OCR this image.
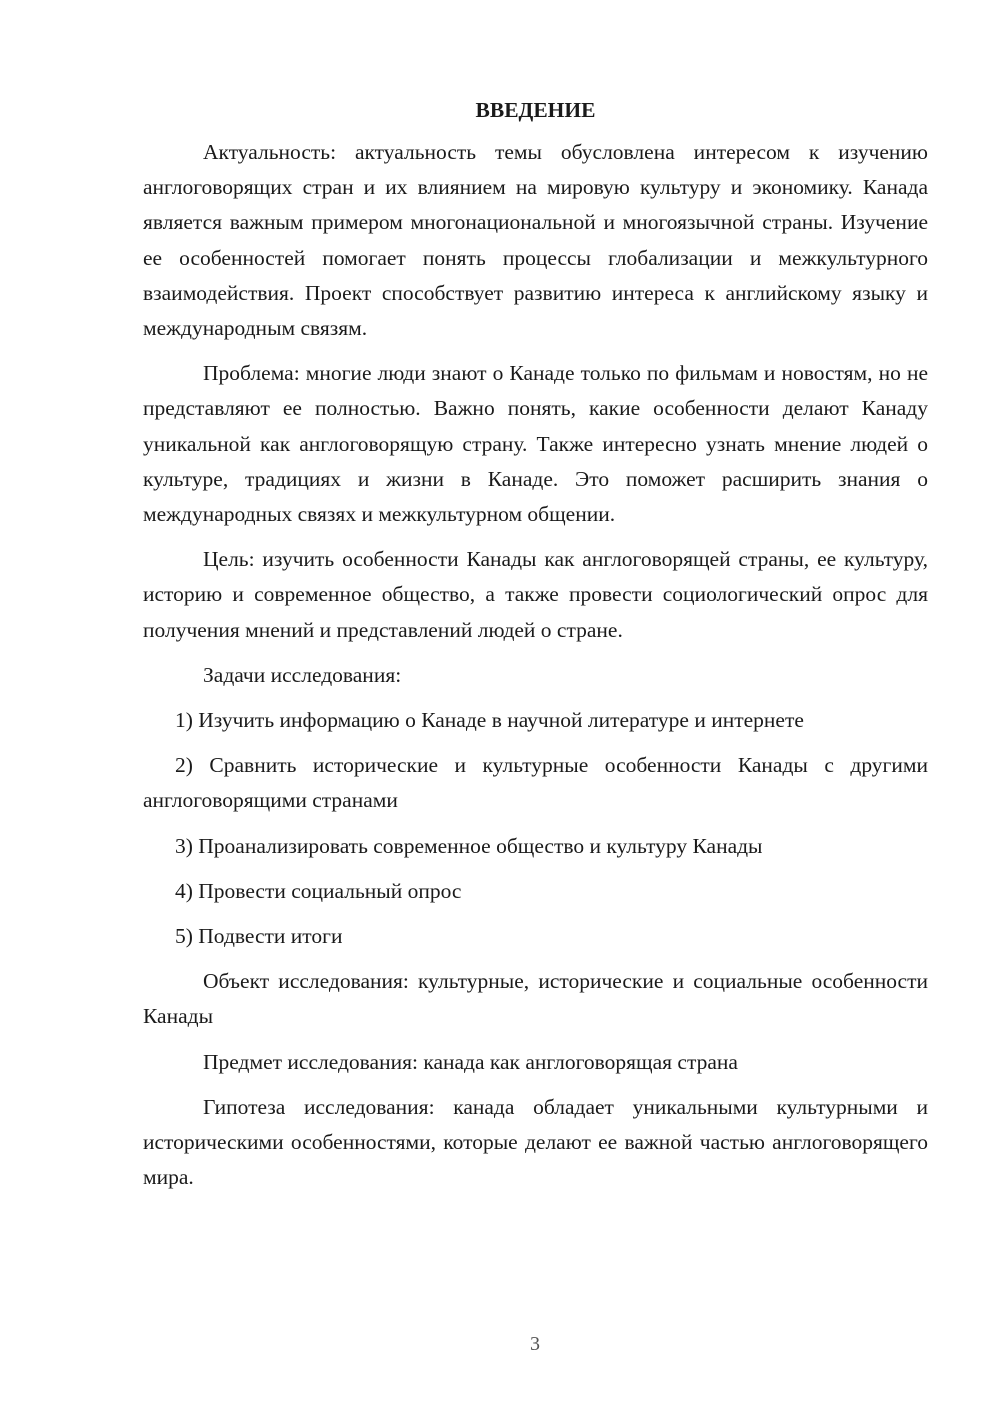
ВВЕДЕНИЕ

Актуальность: актуальность темы обусловлена интересом к изучению англоговорящих стран и их влиянием на мировую культуру и экономику. Канада является важным примером многонациональной и многоязычной страны. Изучение ее особенностей помогает понять процессы глобализации и межкультурного взаимодействия. Проект способствует развитию интереса к английскому языку и международным связям.

Проблема: многие люди знают о Канаде только по фильмам и новостям, но не представляют ее полностью. Важно понять, какие особенности делают Канаду уникальной как англоговорящую страну. Также интересно узнать мнение людей о культуре, традициях и жизни в Канаде. Это поможет расширить знания о международных связях и межкультурном общении.

Цель: изучить особенности Канады как англоговорящей страны, ее культуру, историю и современное общество, а также провести социологический опрос для получения мнений и представлений людей о стране.

Задачи исследования:

1) Изучить информацию о Канаде в научной литературе и интернете

2) Сравнить исторические и культурные особенности Канады с другими англоговорящими странами

3) Проанализировать современное общество и культуру Канады

4) Провести социальный опрос

5) Подвести итоги

Объект исследования: культурные, исторические и социальные особенности Канады

Предмет исследования: канада как англоговорящая страна

Гипотеза исследования: канада обладает уникальными культурными и историческими особенностями, которые делают ее важной частью англоговорящего мира.

3
